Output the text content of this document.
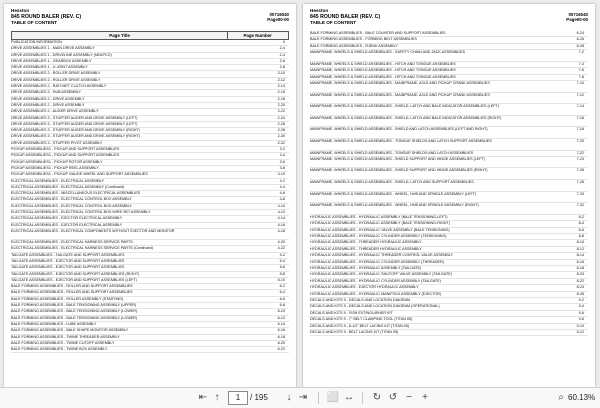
Hesston
845 ROUND BALER (REV. C)
TABLE OF CONTENT
00716040
Page00-00
Page Title	Page Number
PUBLICATION INFORMATION	0
DRIVE ASSEMBLIES 1 - MAIN DRIVE ASSEMBLY	2-4
DRIVE ASSEMBLIES 1 - DRIVELINE ASSEMBLY (NEAPCO)	2-4
DRIVE ASSEMBLIES 1 - GEARBOX ASSEMBLY	2-6
DRIVE ASSEMBLIES 1 - U-JOINT ASSEMBLY	2-8
DRIVE ASSEMBLIES 2 - ROLLER DRIVE ASSEMBLY	2-10
DRIVE ASSEMBLIES 2 - ROLLER DRIVE ASSEMBLY	2-12
DRIVE ASSEMBLIES 2 - RATCHET CLUTCH ASSEMBLY	2-14
DRIVE ASSEMBLIES 2 - HUB ASSEMBLY	2-16
DRIVE ASSEMBLIES 2 - DRIVE ASSEMBLY	2-18
DRIVE ASSEMBLIES 2 - DRIVE ASSEMBLY	2-20
DRIVE ASSEMBLIES 2 - AUGER DRIVE ASSEMBLY	2-22
DRIVE ASSEMBLIES 3 - STUFFER AUGER AND DRIVE ASSEMBLY (LEFT)	2-24
DRIVE ASSEMBLIES 3 - STUFFER AUGER AND DRIVE ASSEMBLY (LEFT)	2-26
DRIVE ASSEMBLIES 3 - STUFFER AUGER AND DRIVE ASSEMBLY (RIGHT)	2-28
DRIVE ASSEMBLIES 3 - STUFFER AUGER AND DRIVE ASSEMBLY (RIGHT)	2-30
DRIVE ASSEMBLIES 3 - STUFFER PIVOT ASSEMBLY	2-32
PICKUP ASSEMBLIES1 - PICKUP AND SUPPORT ASSEMBLIES	3-2
PICKUP ASSEMBLIES1 - PICKUP AND SUPPORT ASSEMBLIES	3-4
PICKUP ASSEMBLIES1 - PICKUP ROTOR ASSEMBLY	3-6
PICKUP ASSEMBLIES1 - PICKUP REEL ASSEMBLY	3-8
PICKUP ASSEMBLIES1 - PICKUP GAUGE WHEEL AND SUPPORT ASSEMBLIES	3-10
ELECTRICAL ASSEMBLIES - ELECTRICAL ASSEMBLY	4-2
ELECTRICAL ASSEMBLIES - ELECTRICAL ASSEMBLY (Continued)	4-4
ELECTRICAL ASSEMBLIES - MISCELLANEOUS ELECTRICAL ASSEMBLIES	4-6
ELECTRICAL ASSEMBLIES - ELECTRICAL CONTROL BOX ASSEMBLY	4-8
ELECTRICAL ASSEMBLIES - ELECTRICAL CONTROL BOX ASSEMBLY	4-10
ELECTRICAL ASSEMBLIES - ELECTRICAL CONTROL BOX WIRE SET ASSEMBLY	4-12
ELECTRICAL ASSEMBLIES - EJECTOR ELECTRICAL ASSEMBLY	4-14
ELECTRICAL ASSEMBLIES - EJECTOR ELECTRICAL ASSEMBLY	4-16
ELECTRICAL ASSEMBLIES - ELECTRICAL COMPONENTS WITHOUT EJECTOR AND MONITOR	4-18
ELECTRICAL ASSEMBLIES - ELECTRICAL HARNESS SERVICE PARTS	4-20
ELECTRICAL ASSEMBLIES - ELECTRICAL HARNESS SERVICE PARTS (Continued)	4-22
TAILGATE ASSEMBLIES - TAILGATE AND SUPPORT ASSEMBLIES	5-2
TAILGATE ASSEMBLIES - EJECTOR AND SUPPORT ASSEMBLIES	5-4
TAILGATE ASSEMBLIES - EJECTOR AND SUPPORT ASSEMBLIES	5-6
TAILGATE ASSEMBLIES - EJECTOR AND SUPPORT ASSEMBLIES (RIGHT)	5-8
TAILGATE ASSEMBLIES - EJECTOR AND SUPPORT ASSEMBLIES (LEFT)	5-10
BALE FORMING ASSEMBLIES - ROLLER AND SUPPORT ASSEMBLIES	6-2
BALE FORMING ASSEMBLIES - ROLLER AND SUPPORT ASSEMBLIES	6-4
BALE FORMING ASSEMBLIES - ROLLER ASSEMBLY (STARTING)	6-6
BALE FORMING ASSEMBLIES - BALE TENSIONING ASSEMBLY (UPPER)	6-8
BALE FORMING ASSEMBLIES - BALE TENSIONING ASSEMBLY (LOWER)	6-10
BALE FORMING ASSEMBLIES - BALE TENSIONING ASSEMBLY (LOWER)	6-12
BALE FORMING ASSEMBLIES - LUBE ASSEMBLY	6-14
BALE FORMING ASSEMBLIES - BALE SHAPE MONITOR ASSEMBLY	6-16
BALE FORMING ASSEMBLIES - TWINE THREADER ASSEMBLY	6-18
BALE FORMING ASSEMBLIES - TWINE CUTOFF ASSEMBLY	6-20
BALE FORMING ASSEMBLIES - TWINE BOX ASSEMBLY	6-22
Hesston
845 ROUND BALER (REV. C)
TABLE OF CONTENT
00716040
Page00-00
BALE FORMING ASSEMBLIES - BALE COUNTER AND SUPPORT ASSEMBLIES	6-24
BALE FORMING ASSEMBLIES - FORMING BELT ASSEMBLIES	6-26
BALE FORMING ASSEMBLIES - RJENK ASSEMBLY	6-28
MAINFRAME, WHEELS & SHIELD ASSEMBLIES - SAFETY CHAIN AND JACK ASSEMBLIES	7-2
MAINFRAME, WHEELS & SHIELD ASSEMBLIES - HITCH AND TONGUE ASSEMBLIES	7-4
MAINFRAME, WHEELS & SHIELD ASSEMBLIES - HITCH AND TONGUE ASSEMBLIES	7-6
MAINFRAME, WHEELS & SHIELD ASSEMBLIES - HITCH AND TONGUE ASSEMBLIES	7-8
MAINFRAME, WHEELS & SHIELD ASSEMBLIES - MAINFRAME, AXLE AND PICKUP CRANK ASSEMBLIES	7-10
MAINFRAME, WHEELS & SHIELD ASSEMBLIES - MAINFRAME, AXLE AND PICKUP CRANK ASSEMBLIES	7-12
MAINFRAME, WHEELS & SHIELD ASSEMBLIES - SHIELD, LATCH AND BALE INDICATOR ASSEMBLIES (LEFT)	7-14
MAINFRAME, WHEELS & SHIELD ASSEMBLIES - SHIELD, LATCH AND BALE INDICATOR ASSEMBLIES (RIGHT)	7-16
MAINFRAME, WHEELS & SHIELD ASSEMBLIES - SHIELD AND LATCH ASSEMBLIES (LEFT AND RIGHT)	7-18
MAINFRAME, WHEELS & SHIELD ASSEMBLIES - TONGUE SHIELDS AND LATCH SUPPORT ASSEMBLIES	7-20
MAINFRAME, WHEELS & SHIELD ASSEMBLIES - TONGUE SHIELDS AND LATCH ASSEMBLIES	7-22
MAINFRAME, WHEELS & SHIELD ASSEMBLIES - SHIELD SUPPORT AND HINGE ASSEMBLIES (LEFT)	7-24
MAINFRAME, WHEELS & SHIELD ASSEMBLIES - SHIELD SUPPORT AND HINGE ASSEMBLIES (RIGHT)	7-26
MAINFRAME, WHEELS & SHIELD ASSEMBLIES - SHIELD, LATCH AND SUPPORT ASSEMBLIES	7-28
MAINFRAME, WHEELS & SHIELD ASSEMBLIES - WHEEL, HUB AND SPINDLE ASSEMBLY (LEFT)	7-30
MAINFRAME, WHEELS & SHIELD ASSEMBLIES - WHEEL, HUB AND SPINDLE ASSEMBLY (RIGHT)	7-32
HYDRAULIC ASSEMBLIES - HYDRAULIC ASSEMBLY (BALE TENSIONING-LEFT)	8-2
HYDRAULIC ASSEMBLIES - HYDRAULIC ASSEMBLY (BALE TENSIONING-RIGHT)	8-4
HYDRAULIC ASSEMBLIES - HYDRAULIC VALVE ASSEMBLY (BALE TENSIONING)	8-6
HYDRAULIC ASSEMBLIES - HYDRAULIC CYLINDER ASSEMBLY (TENSIONING)	8-8
HYDRAULIC ASSEMBLIES - THREADER HYDRAULIC ASSEMBLY	8-10
HYDRAULIC ASSEMBLIES - THREADER HYDRAULIC ASSEMBLY	8-12
HYDRAULIC ASSEMBLIES - HYDRAULIC THREADER CONTROL VALVE ASSEMBLY	8-14
HYDRAULIC ASSEMBLIES - HYDRAULIC CYLINDER ASSEMBLY (THREADER)	8-16
HYDRAULIC ASSEMBLIES - HYDRAULIC ASSEMBLY (TAILGATE)	8-18
HYDRAULIC ASSEMBLIES - HYDRAULIC SHUTOFF VALVE ASSEMBLY (TAILGATE)	8-20
HYDRAULIC ASSEMBLIES - HYDRAULIC CYLINDER ASSEMBLY (TAILGATE)	8-22
HYDRAULIC ASSEMBLIES - EJECTOR HYDRAULIC ASSEMBLY	8-24
HYDRAULIC ASSEMBLIES - HYDRAULIC MANIFOLD ASSEMBLY (EJECTOR)	8-26
DECALS AND KITS 9 - DECALS AND LOCATION DIAGRAM	9-2
DECALS AND KITS 9 - DECALS AND LOCATION DIAGRAM (OPERATIONAL)	9-4
DECALS AND KITS 9 - FISH EXTINGUISHER KIT	9-6
DECALS AND KITS 9 - 7" BELT CLAMPING TOOL (TITAN 05)	9-8
DECALS AND KITS 9 - 6-1/2" BELT LACING KIT (TITAN 05)	9-10
DECALS AND KITS 9 - BELT LACING KIT (TITAN 05)	9-12
⇤ ↑	1	/ 195	↓ ⇥ ⬜ ↔ ↻ ↺ −	+	⌕ 60.13%
